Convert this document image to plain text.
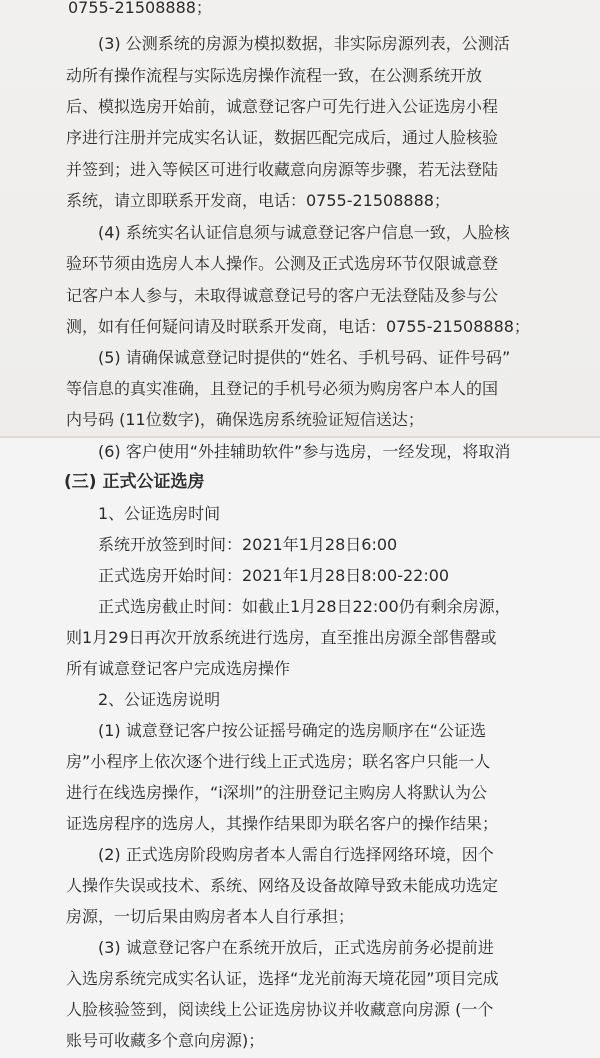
0755-21508888；
(3) 公测系统的房源为模拟数据，非实际房源列表，公测活
动所有操作流程与实际选房操作流程一致，在公测系统开放
后、模拟选房开始前，诚意登记客户可先行进入公证选房小程
序进行注册并完成实名认证，数据匹配完成后，通过人脸核验
并签到；进入等候区可进行收藏意向房源等步骤，若无法登陆
系统，请立即联系开发商，电话：0755-21508888；
(4) 系统实名认证信息须与诚意登记客户信息一致，人脸核
验环节须由选房人本人操作。公测及正式选房环节仅限诚意登
记客户本人参与，未取得诚意登记号的客户无法登陆及参与公
测，如有任何疑问请及时联系开发商，电话：0755-21508888；
(5) 请确保诚意登记时提供的“姓名、手机号码、证件号码”
等信息的真实准确，且登记的手机号必须为购房客户本人的国
内号码 (11位数字)，确保选房系统验证短信送达；
(6) 客户使用“外挂辅助软件”参与选房，一经发现，将取消
(三) 正式公证选房
1、公证选房时间
系统开放签到时间：2021年1月28日6:00
正式选房开始时间：2021年1月28日8:00-22:00
正式选房截止时间：如截止1月28日22:00仍有剩余房源，
则1月29日再次开放系统进行选房，直至推出房源全部售罄或
所有诚意登记客户完成选房操作
2、公证选房说明
(1) 诚意登记客户按公证摇号确定的选房顺序在“公证选
房”小程序上依次逐个进行线上正式选房；联名客户只能一人
进行在线选房操作，“i深圳”的注册登记主购房人将默认为公
证选房程序的选房人，其操作结果即为联名客户的操作结果；
(2) 正式选房阶段购房者本人需自行选择网络环境，因个
人操作失误或技术、系统、网络及设备故障导致未能成功选定
房源，一切后果由购房者本人自行承担；
(3) 诚意登记客户在系统开放后，正式选房前务必提前进
入选房系统完成实名认证，选择“龙光前海天境花园”项目完成
人脸核验签到，阅读线上公证选房协议并收藏意向房源 (一个
账号可收藏多个意向房源)；
